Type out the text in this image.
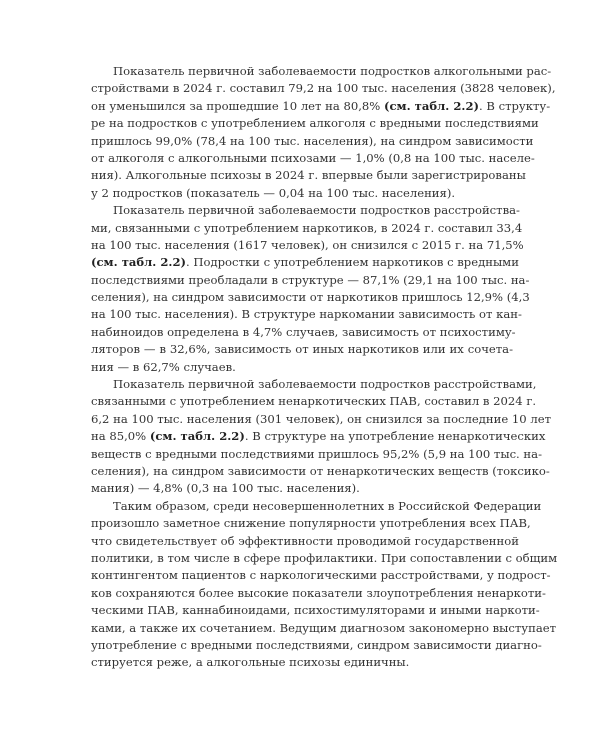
Показатель первичной заболеваемости подростков алкогольными рас-
стройствами в 2024 г. составил 79,2 на 100 тыс. населения (3828 человек),
он уменьшился за прошедшие 10 лет на 80,8% (см. табл. 2.2). В структу-
ре на подростков с употреблением алкоголя с вредными последствиями
пришлось 99,0% (78,4 на 100 тыс. населения), на синдром зависимости
от алкоголя с алкогольными психозами — 1,0% (0,8 на 100 тыс. населе-
ния). Алкогольные психозы в 2024 г. впервые были зарегистрированы
у 2 подростков (показатель — 0,04 на 100 тыс. населения).
Показатель первичной заболеваемости подростков расстройства-
ми, связанными с употреблением наркотиков, в 2024 г. составил 33,4
на 100 тыс. населения (1617 человек), он снизился с 2015 г. на 71,5%
(см. табл. 2.2). Подростки с употреблением наркотиков с вредными
последствиями преобладали в структуре — 87,1% (29,1 на 100 тыс. на-
селения), на синдром зависимости от наркотиков пришлось 12,9% (4,3
на 100 тыс. населения). В структуре наркомании зависимость от кан-
набиноидов определена в 4,7% случаев, зависимость от психостиму-
ляторов — в 32,6%, зависимость от иных наркотиков или их сочета-
ния — в 62,7% случаев.
Показатель первичной заболеваемости подростков расстройствами,
связанными с употреблением ненаркотических ПАВ, составил в 2024 г.
6,2 на 100 тыс. населения (301 человек), он снизился за последние 10 лет
на 85,0% (см. табл. 2.2). В структуре на употребление ненаркотических
веществ с вредными последствиями пришлось 95,2% (5,9 на 100 тыс. на-
селения), на синдром зависимости от ненаркотических веществ (токсико-
мания) — 4,8% (0,3 на 100 тыс. населения).
Таким образом, среди несовершеннолетних в Российской Федерации
произошло заметное снижение популярности употребления всех ПАВ,
что свидетельствует об эффективности проводимой государственной
политики, в том числе в сфере профилактики. При сопоставлении с общим
контингентом пациентов с наркологическими расстройствами, у подрост-
ков сохраняются более высокие показатели злоупотребления ненаркоти-
ческими ПАВ, каннабиноидами, психостимуляторами и иными наркоти-
ками, а также их сочетанием. Ведущим диагнозом закономерно выступает
употребление с вредными последствиями, синдром зависимости диагно-
стируется реже, а алкогольные психозы единичны.
